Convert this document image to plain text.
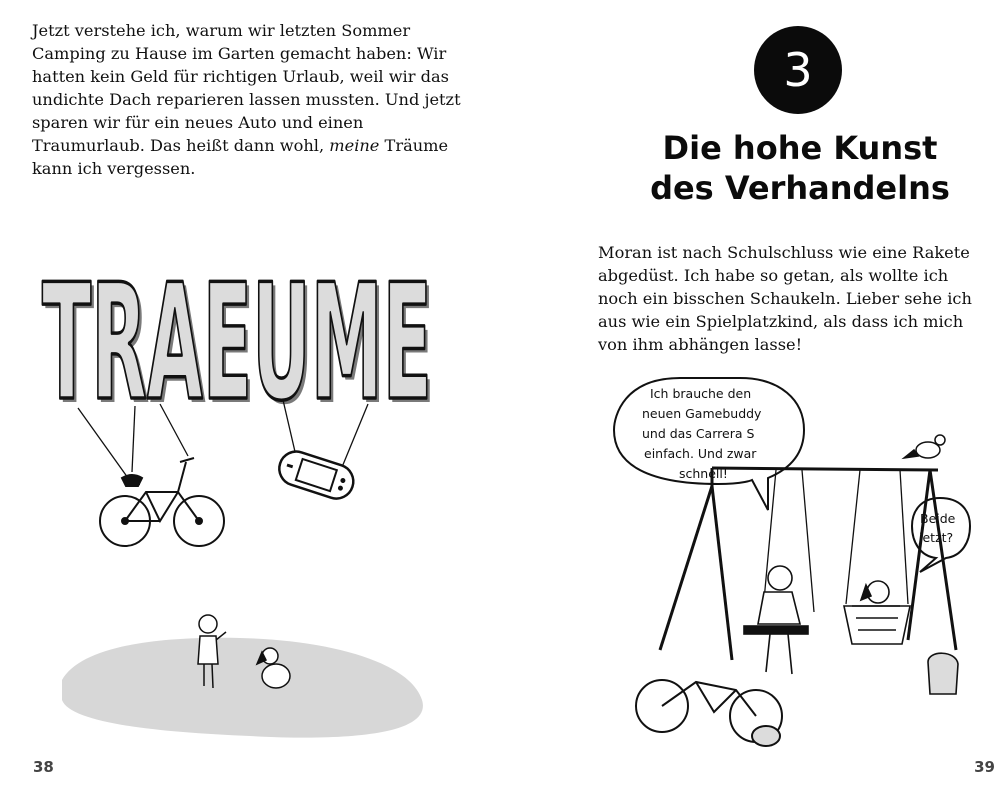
Jetzt verstehe ich, warum wir letzten Sommer Camping zu Hause im Garten gemacht haben: Wir hatten kein Geld für richtigen Urlaub, weil wir das undichte Dach reparieren lassen mussten. Und jetzt sparen wir für ein neues Auto und einen Traumurlaub. Das heißt dann wohl, meine Träume kann ich vergessen.

TRAEUME
TRAEUME
38
3
Die hohe Kunst
des Verhandelns

Moran ist nach Schulschluss wie eine Rakete abgedüst. Ich habe so getan, als wollte ich noch ein bisschen Schaukeln. Lieber sehe ich aus wie ein Spielplatzkind, als dass ich mich von ihm abhängen lasse!

Ich brauche den
neuen Gamebuddy
und das Carrera S
einfach. Und zwar
schnell!
Beide
jetzt?
39
